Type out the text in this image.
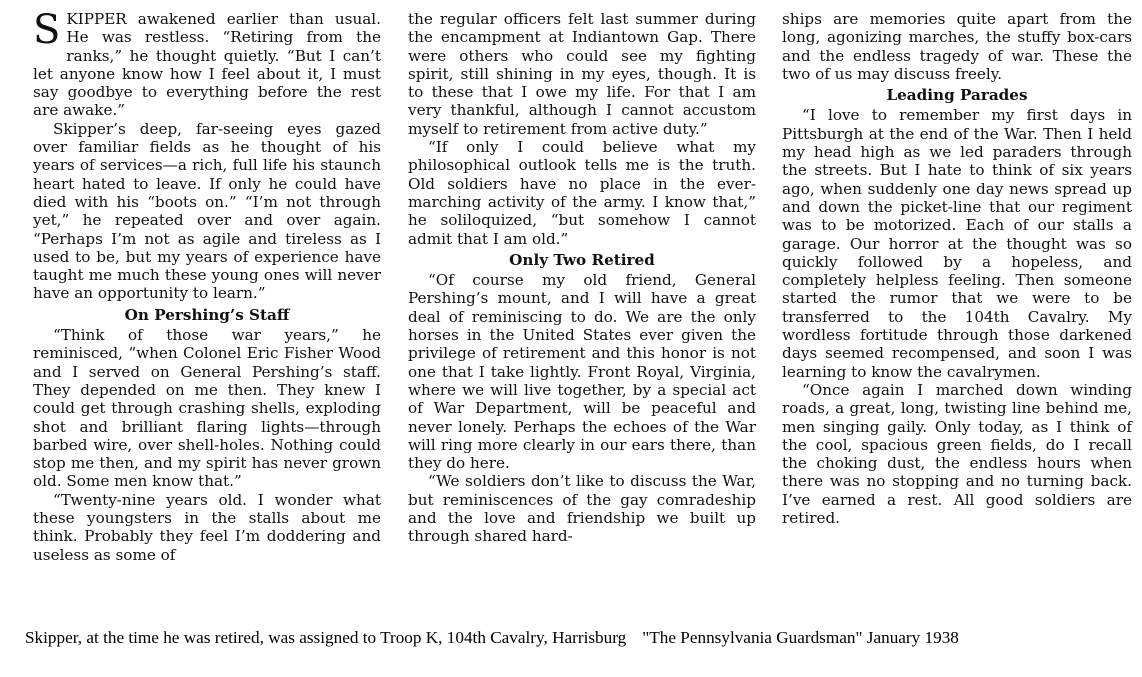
SKIPPER awakened earlier than usual. He was restless. “Retiring from the ranks,” he thought quietly. “But I can’t let anyone know how I feel about it, I must say goodbye to everything before the rest are awake.”

Skipper’s deep, far-seeing eyes gazed over familiar fields as he thought of his years of services—a rich, full life his staunch heart hated to leave. If only he could have died with his “boots on.” “I’m not through yet,” he repeated over and over again. “Perhaps I’m not as agile and tireless as I used to be, but my years of experience have taught me much these young ones will never have an opportunity to learn.”

On Pershing’s Staff

“Think of those war years,” he reminisced, “when Colonel Eric Fisher Wood and I served on General Pershing’s staff. They depended on me then. They knew I could get through crashing shells, exploding shot and brilliant flaring lights—through barbed wire, over shell-holes. Nothing could stop me then, and my spirit has never grown old. Some men know that.”

“Twenty-nine years old. I wonder what these youngsters in the stalls about me think. Probably they feel I’m doddering and useless as some of

the regular officers felt last summer during the encampment at Indiantown Gap. There were others who could see my fighting spirit, still shining in my eyes, though. It is to these that I owe my life. For that I am very thankful, although I cannot accustom myself to retirement from active duty.”

“If only I could believe what my philosophical outlook tells me is the truth. Old soldiers have no place in the ever-marching activity of the army. I know that,” he soliloquized, “but somehow I cannot admit that I am old.”

Only Two Retired

“Of course my old friend, General Pershing’s mount, and I will have a great deal of reminiscing to do. We are the only horses in the United States ever given the privilege of retirement and this honor is not one that I take lightly. Front Royal, Virginia, where we will live together, by a special act of War Department, will be peaceful and never lonely. Perhaps the echoes of the War will ring more clearly in our ears there, than they do here.

“We soldiers don’t like to discuss the War, but reminiscences of the gay comradeship and the love and friendship we built up through shared hard-

ships are memories quite apart from the long, agonizing marches, the stuffy box-cars and the endless tragedy of war. These the two of us may discuss freely.

Leading Parades

“I love to remember my first days in Pittsburgh at the end of the War. Then I held my head high as we led paraders through the streets. But I hate to think of six years ago, when suddenly one day news spread up and down the picket-line that our regiment was to be motorized. Each of our stalls a garage. Our horror at the thought was so quickly followed by a hopeless, and completely helpless feeling. Then someone started the rumor that we were to be transferred to the 104th Cavalry. My wordless fortitude through those darkened days seemed recompensed, and soon I was learning to know the cavalrymen.

“Once again I marched down winding roads, a great, long, twisting line behind me, men singing gaily. Only today, as I think of the cool, spacious green fields, do I recall the choking dust, the endless hours when there was no stopping and no turning back. I’ve earned a rest. All good soldiers are retired.

Skipper, at the time he was retired, was assigned to Troop K, 104th Cavalry, Harrisburg "The Pennsylvania Guardsman" January 1938
